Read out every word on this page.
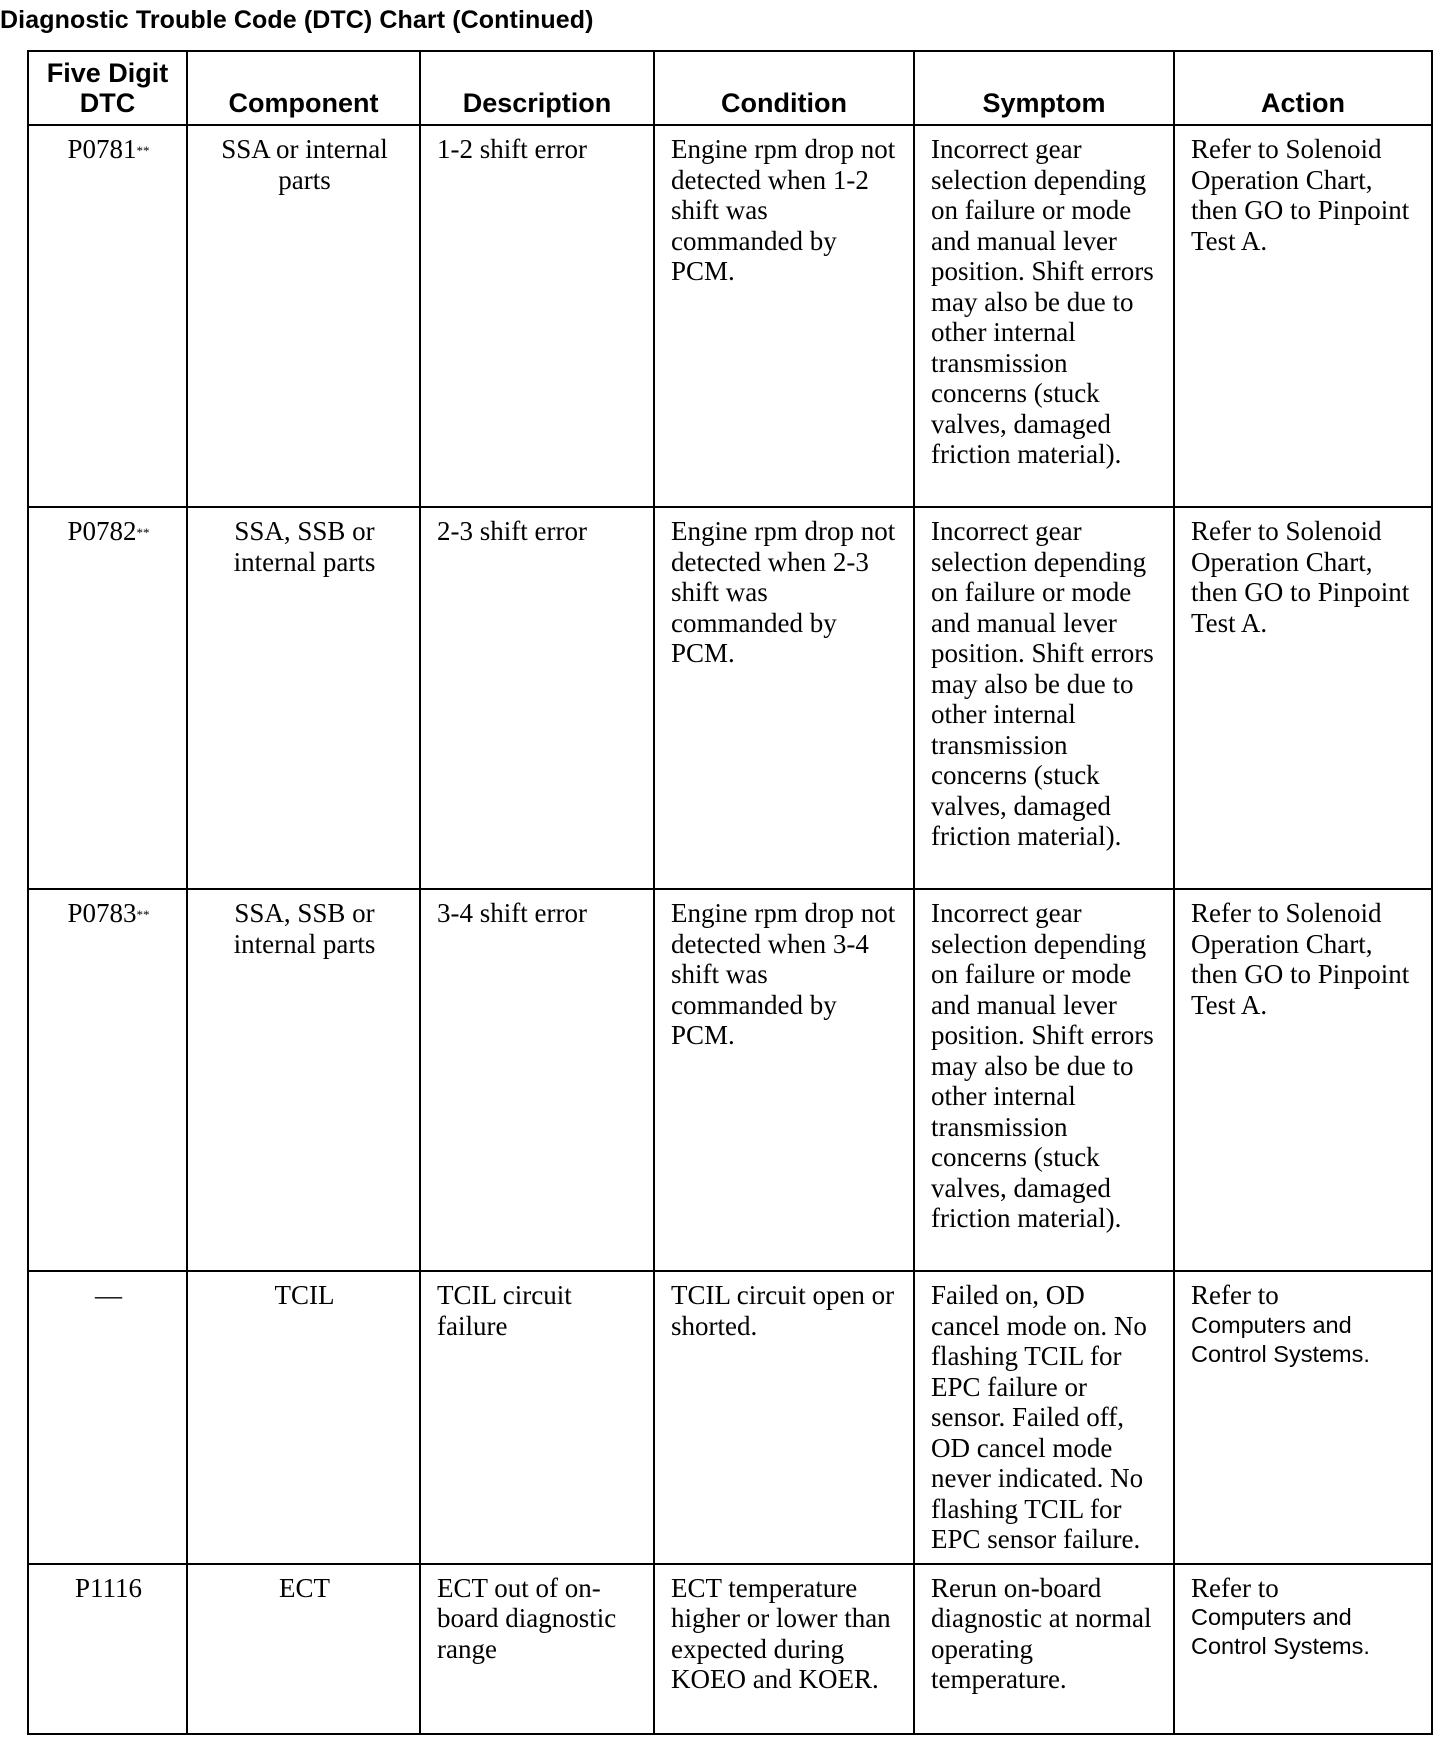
Diagnostic Trouble Code (DTC) Chart (Continued)
Five Digit DTC	Component	Description	Condition	Symptom	Action
P0781**	SSA or internal parts	1-2 shift error	Engine rpm drop not detected when 1-2 shift was commanded by PCM.	Incorrect gear selection depending on failure or mode and manual lever position. Shift errors may also be due to other internal transmission concerns (stuck valves, damaged friction material).	Refer to Solenoid Operation Chart, then GO to Pinpoint Test A.

P0782**	SSA, SSB or internal parts	2-3 shift error	Engine rpm drop not detected when 2-3 shift was commanded by PCM.	Incorrect gear selection depending on failure or mode and manual lever position. Shift errors may also be due to other internal transmission concerns (stuck valves, damaged friction material).	Refer to Solenoid Operation Chart, then GO to Pinpoint Test A.

P0783**	SSA, SSB or internal parts	3-4 shift error	Engine rpm drop not detected when 3-4 shift was commanded by PCM.	Incorrect gear selection depending on failure or mode and manual lever position. Shift errors may also be due to other internal transmission concerns (stuck valves, damaged friction material).	Refer to Solenoid Operation Chart, then GO to Pinpoint Test A.

—	TCIL	TCIL circuit failure	TCIL circuit open or shorted.	Failed on, OD cancel mode on. No flashing TCIL for EPC failure or sensor. Failed off, OD cancel mode never indicated. No flashing TCIL for EPC sensor failure.	Refer to
Computers and Control Systems.

P1116	ECT	ECT out of on-board diagnostic range	ECT temperature higher or lower than expected during KOEO and KOER.	Rerun on-board diagnostic at normal operating temperature.	Refer to
Computers and Control Systems.
